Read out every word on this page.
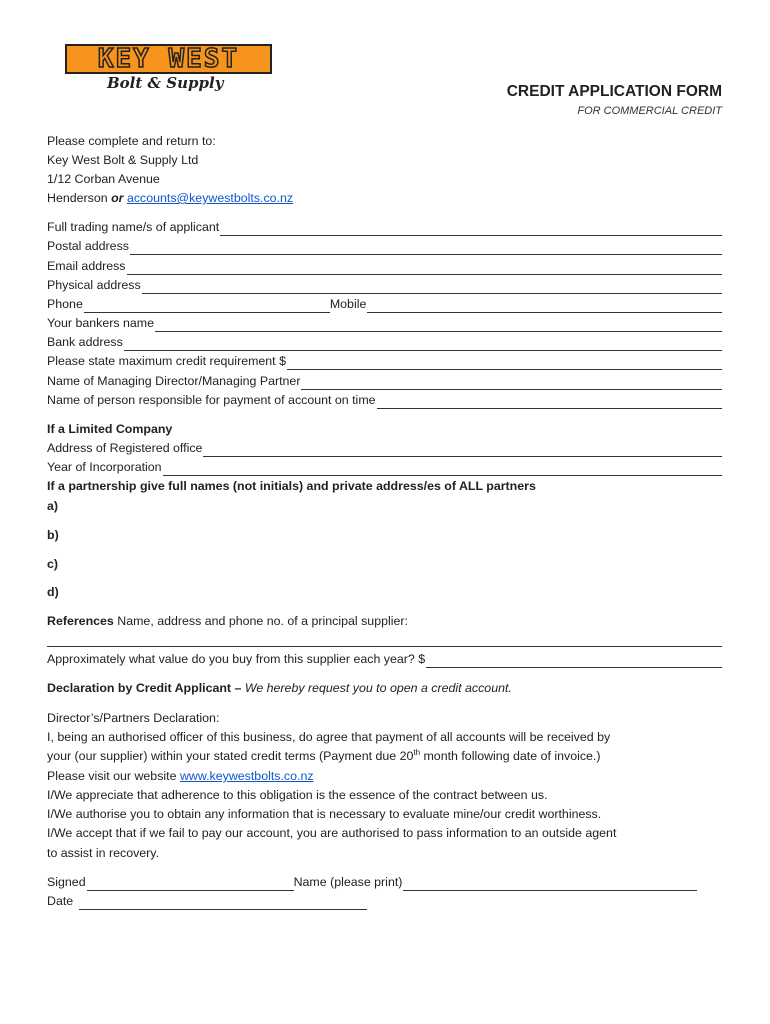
KEY WEST
Bolt & Supply	CREDIT APPLICATION FORM
FOR COMMERCIAL CREDIT
Please complete and return to:
Key West Bolt & Supply Ltd
1/12 Corban Avenue
Henderson or accounts@keywestbolts.co.nz
Full trading name/s of applicant
Postal address
Email address
Physical address
Phone	Mobile
Your bankers name
Bank address
Please state maximum credit requirement $
Name of Managing Director/Managing Partner
Name of person responsible for payment of account on time
If a Limited Company
Address of Registered office
Year of Incorporation
If a partnership give full names (not initials) and private address/es of ALL partners
a)
b)
c)
d)
References Name, address and phone no. of a principal supplier:
Approximately what value do you buy from this supplier each year? $
Declaration by Credit Applicant – We hereby request you to open a credit account.
Director’s/Partners Declaration:
I, being an authorised officer of this business, do agree that payment of all accounts will be received by
your (our supplier) within your stated credit terms (Payment due 20th month following date of invoice.)
Please visit our website www.keywestbolts.co.nz
I/We appreciate that adherence to this obligation is the essence of the contract between us.
I/We authorise you to obtain any information that is necessary to evaluate mine/our credit worthiness.
I/We accept that if we fail to pay our account, you are authorised to pass information to an outside agent
to assist in recovery.
Signed	Name (please print)
Date
